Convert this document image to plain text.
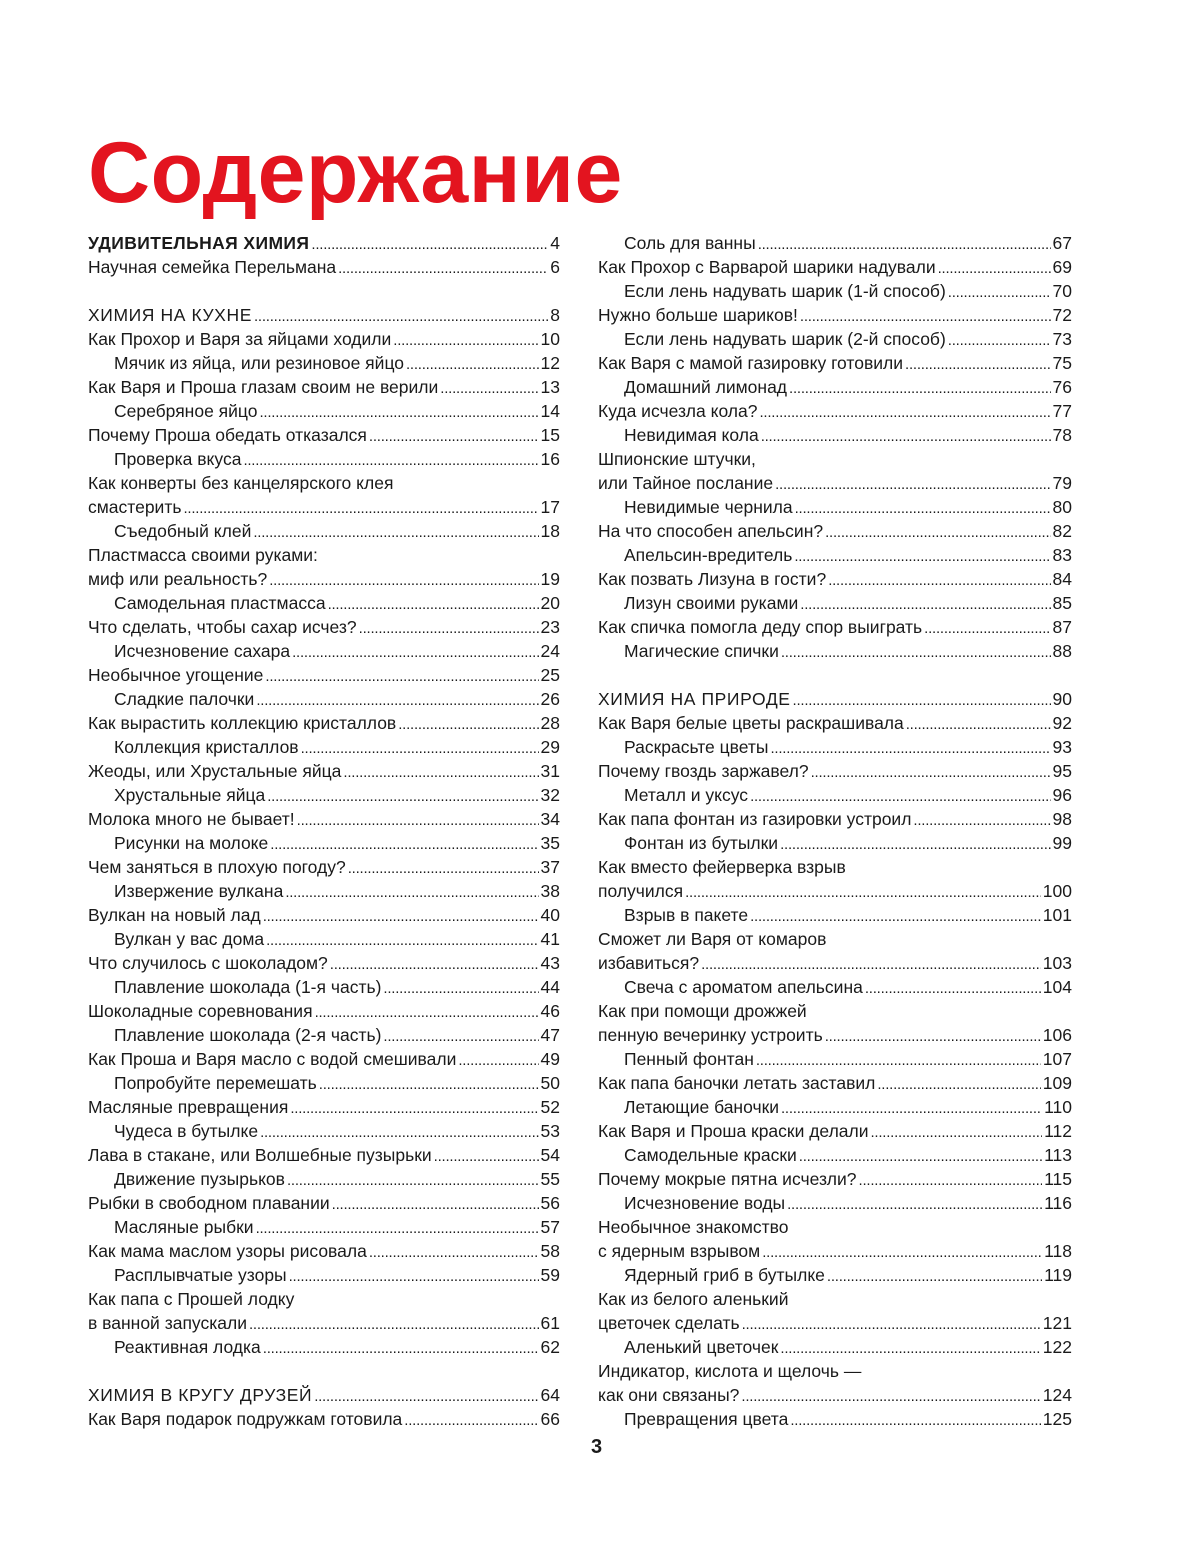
Содержание
УДИВИТЕЛЬНАЯ ХИМИЯ . . .	4
Научная семейка Перельмана . . .	6
ХИМИЯ НА КУХНЕ . . .	8
Как Прохор и Варя за яйцами ходили . . .	10
Мячик из яйца, или резиновое яйцо . . .	12
Как Варя и Проша глазам своим не верили . . .	13
Серебряное яйцо . . .	14
Почему Проша обедать отказался . . .	15
Проверка вкуса . . .	16
Как конверты без канцелярского клея
смастерить . . .	17
Съедобный клей . . .	18
Пластмасса своими руками:
миф или реальность? . . .	19
Самодельная пластмасса . . .	20
Что сделать, чтобы сахар исчез? . . .	23
Исчезновение сахара . . .	24
Необычное угощение . . .	25
Сладкие палочки . . .	26
Как вырастить коллекцию кристаллов . . .	28
Коллекция кристаллов . . .	29
Жеоды, или Хрустальные яйца . . .	31
Хрустальные яйца . . .	32
Молока много не бывает! . . .	34
Рисунки на молоке . . .	35
Чем заняться в плохую погоду? . . .	37
Извержение вулкана . . .	38
Вулкан на новый лад . . .	40
Вулкан у вас дома . . .	41
Что случилось с шоколадом? . . .	43
Плавление шоколада (1-я часть) . . .	44
Шоколадные соревнования . . .	46
Плавление шоколада (2-я часть) . . .	47
Как Проша и Варя масло с водой смешивали . . .	49
Попробуйте перемешать . . .	50
Масляные превращения . . .	52
Чудеса в бутылке . . .	53
Лава в стакане, или Волшебные пузырьки . . .	54
Движение пузырьков . . .	55
Рыбки в свободном плавании . . .	56
Масляные рыбки . . .	57
Как мама маслом узоры рисовала . . .	58
Расплывчатые узоры . . .	59
Как папа с Прошей лодку
в ванной запускали . . .	61
Реактивная лодка . . .	62
ХИМИЯ В КРУГУ ДРУЗЕЙ . . .	64
Как Варя подарок подружкам готовила . . .	66
Соль для ванны . . .	67
Как Прохор с Варварой шарики надували . . .	69
Если лень надувать шарик (1-й способ) . . .	70
Нужно больше шариков! . . .	72
Если лень надувать шарик (2-й способ) . . .	73
Как Варя с мамой газировку готовили . . .	75
Домашний лимонад . . .	76
Куда исчезла кола? . . .	77
Невидимая кола . . .	78
Шпионские штучки,
или Тайное послание . . .	79
Невидимые чернила . . .	80
На что способен апельсин? . . .	82
Апельсин-вредитель . . .	83
Как позвать Лизуна в гости? . . .	84
Лизун своими руками . . .	85
Как спичка помогла деду спор выиграть . . .	87
Магические спички . . .	88
ХИМИЯ НА ПРИРОДЕ . . .	90
Как Варя белые цветы раскрашивала . . .	92
Раскрасьте цветы . . .	93
Почему гвоздь заржавел? . . .	95
Металл и уксус . . .	96
Как папа фонтан из газировки устроил . . .	98
Фонтан из бутылки . . .	99
Как вместо фейерверка взрыв
получился . . .	100
Взрыв в пакете . . .	101
Сможет ли Варя от комаров
избавиться? . . .	103
Свеча с ароматом апельсина . . .	104
Как при помощи дрожжей
пенную вечеринку устроить . . .	106
Пенный фонтан . . .	107
Как папа баночки летать заставил . . .	109
Летающие баночки . . .	110
Как Варя и Проша краски делали . . .	112
Самодельные краски . . .	113
Почему мокрые пятна исчезли? . . .	115
Исчезновение воды . . .	116
Необычное знакомство
с ядерным взрывом . . .	118
Ядерный гриб в бутылке . . .	119
Как из белого аленький
цветочек сделать . . .	121
Аленький цветочек . . .	122
Индикатор, кислота и щелочь —
как они связаны? . . .	124
Превращения цвета . . .	125
3
